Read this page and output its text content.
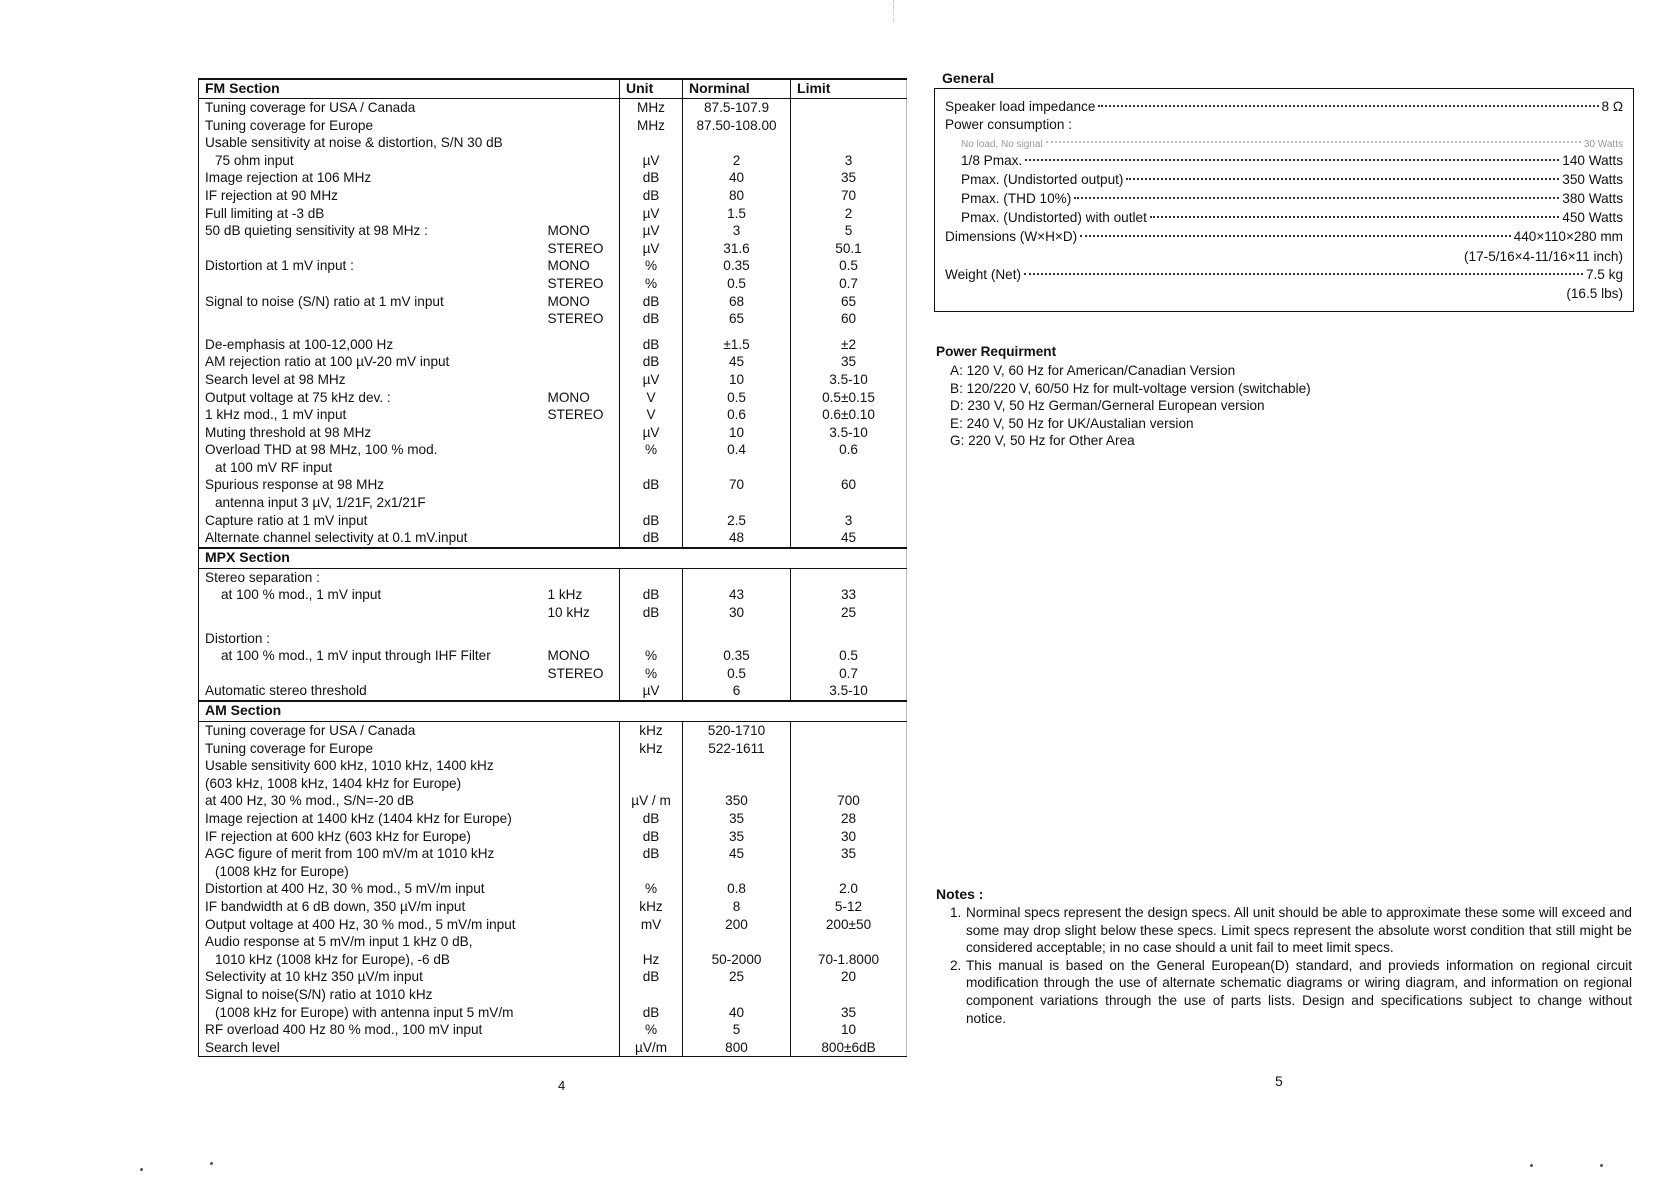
FM Section		Unit	Norminal	Limit
Tuning coverage for USA / Canada		MHz	87.5-107.9	
Tuning coverage for Europe		MHz	87.50-108.00	
Usable sensitivity at noise & distortion, S/N 30 dB				
75 ohm input		µV	2	3
Image rejection at 106 MHz		dB	40	35
IF rejection at 90 MHz		dB	80	70
Full limiting at -3 dB		µV	1.5	2
50 dB quieting sensitivity at 98 MHz :	MONO	µV	3	5
	STEREO	µV	31.6	50.1
Distortion at 1 mV input :	MONO	%	0.35	0.5
	STEREO	%	0.5	0.7
Signal to noise (S/N) ratio at 1 mV input	MONO	dB	68	65
	STEREO	dB	65	60

De-emphasis at 100-12,000 Hz		dB	±1.5	±2
AM rejection ratio at 100 µV-20 mV input		dB	45	35
Search level at 98 MHz		µV	10	3.5-10
Output voltage at 75 kHz dev. :	MONO	V	0.5	0.5±0.15
1 kHz mod., 1 mV input	STEREO	V	0.6	0.6±0.10
Muting threshold at 98 MHz		µV	10	3.5-10
Overload THD at 98 MHz, 100 % mod.		%	0.4	0.6
at 100 mV RF input				
Spurious response at 98 MHz		dB	70	60
antenna input 3 µV, 1/21F, 2x1/21F				
Capture ratio at 1 mV input		dB	2.5	3
Alternate channel selectivity at 0.1 mV.input		dB	48	45
MPX Section				
Stereo separation :				
at 100 % mod., 1 mV input	1 kHz	dB	43	33
	10 kHz	dB	30	25

Distortion :				
at 100 % mod., 1 mV input through IHF Filter	MONO	%	0.35	0.5
	STEREO	%	0.5	0.7
Automatic stereo threshold		µV	6	3.5-10
AM Section				
Tuning coverage for USA / Canada		kHz	520-1710	
Tuning coverage for Europe		kHz	522-1611	
Usable sensitivity 600 kHz, 1010 kHz, 1400 kHz				
(603 kHz, 1008 kHz, 1404 kHz for Europe)				
at 400 Hz, 30 % mod., S/N=-20 dB		µV / m	350	700
Image rejection at 1400 kHz (1404 kHz for Europe)		dB	35	28
IF rejection at 600 kHz (603 kHz for Europe)		dB	35	30
AGC figure of merit from 100 mV/m at 1010 kHz		dB	45	35
(1008 kHz for Europe)				
Distortion at 400 Hz, 30 % mod., 5 mV/m input		%	0.8	2.0
IF bandwidth at 6 dB down, 350 µV/m input		kHz	8	5-12
Output voltage at 400 Hz, 30 % mod., 5 mV/m input		mV	200	200±50
Audio response at 5 mV/m input 1 kHz 0 dB,				
1010 kHz (1008 kHz for Europe), -6 dB		Hz	50-2000	70-1.8000
Selectivity at 10 kHz 350 µV/m input		dB	25	20
Signal to noise(S/N) ratio at 1010 kHz				
(1008 kHz for Europe) with antenna input 5 mV/m		dB	40	35
RF overload 400 Hz 80 % mod., 100 mV input		%	5	10
Search level		µV/m	800	800±6dB
4
General
Speaker load impedance	8 Ω
Power consumption :
No load, No signal	30 Watts
1/8 Pmax.	140 Watts
Pmax. (Undistorted output)	350 Watts
Pmax. (THD 10%)	380 Watts
Pmax. (Undistorted) with outlet	450 Watts
Dimensions (W×H×D)	440×110×280 mm
(17-5/16×4-11/16×11 inch)
Weight (Net)	7.5 kg
(16.5 lbs)
Power Requirment
A: 120 V, 60 Hz for American/Canadian Version
B: 120/220 V, 60/50 Hz for mult-voltage version (switchable)
D: 230 V, 50 Hz German/Gerneral European version
E: 240 V, 50 Hz for UK/Austalian version
G: 220 V, 50 Hz for Other Area
Notes :
1. Norminal specs represent the design specs. All unit should be able to approximate these some will exceed and some may drop slight below these specs. Limit specs represent the absolute worst condition that still might be considered acceptable; in no case should a unit fail to meet limit specs.
2. This manual is based on the General European(D) standard, and provieds information on regional circuit modification through the use of alternate schematic diagrams or wiring diagram, and information on regional component variations through the use of parts lists. Design and specifications subject to change without notice.
5
